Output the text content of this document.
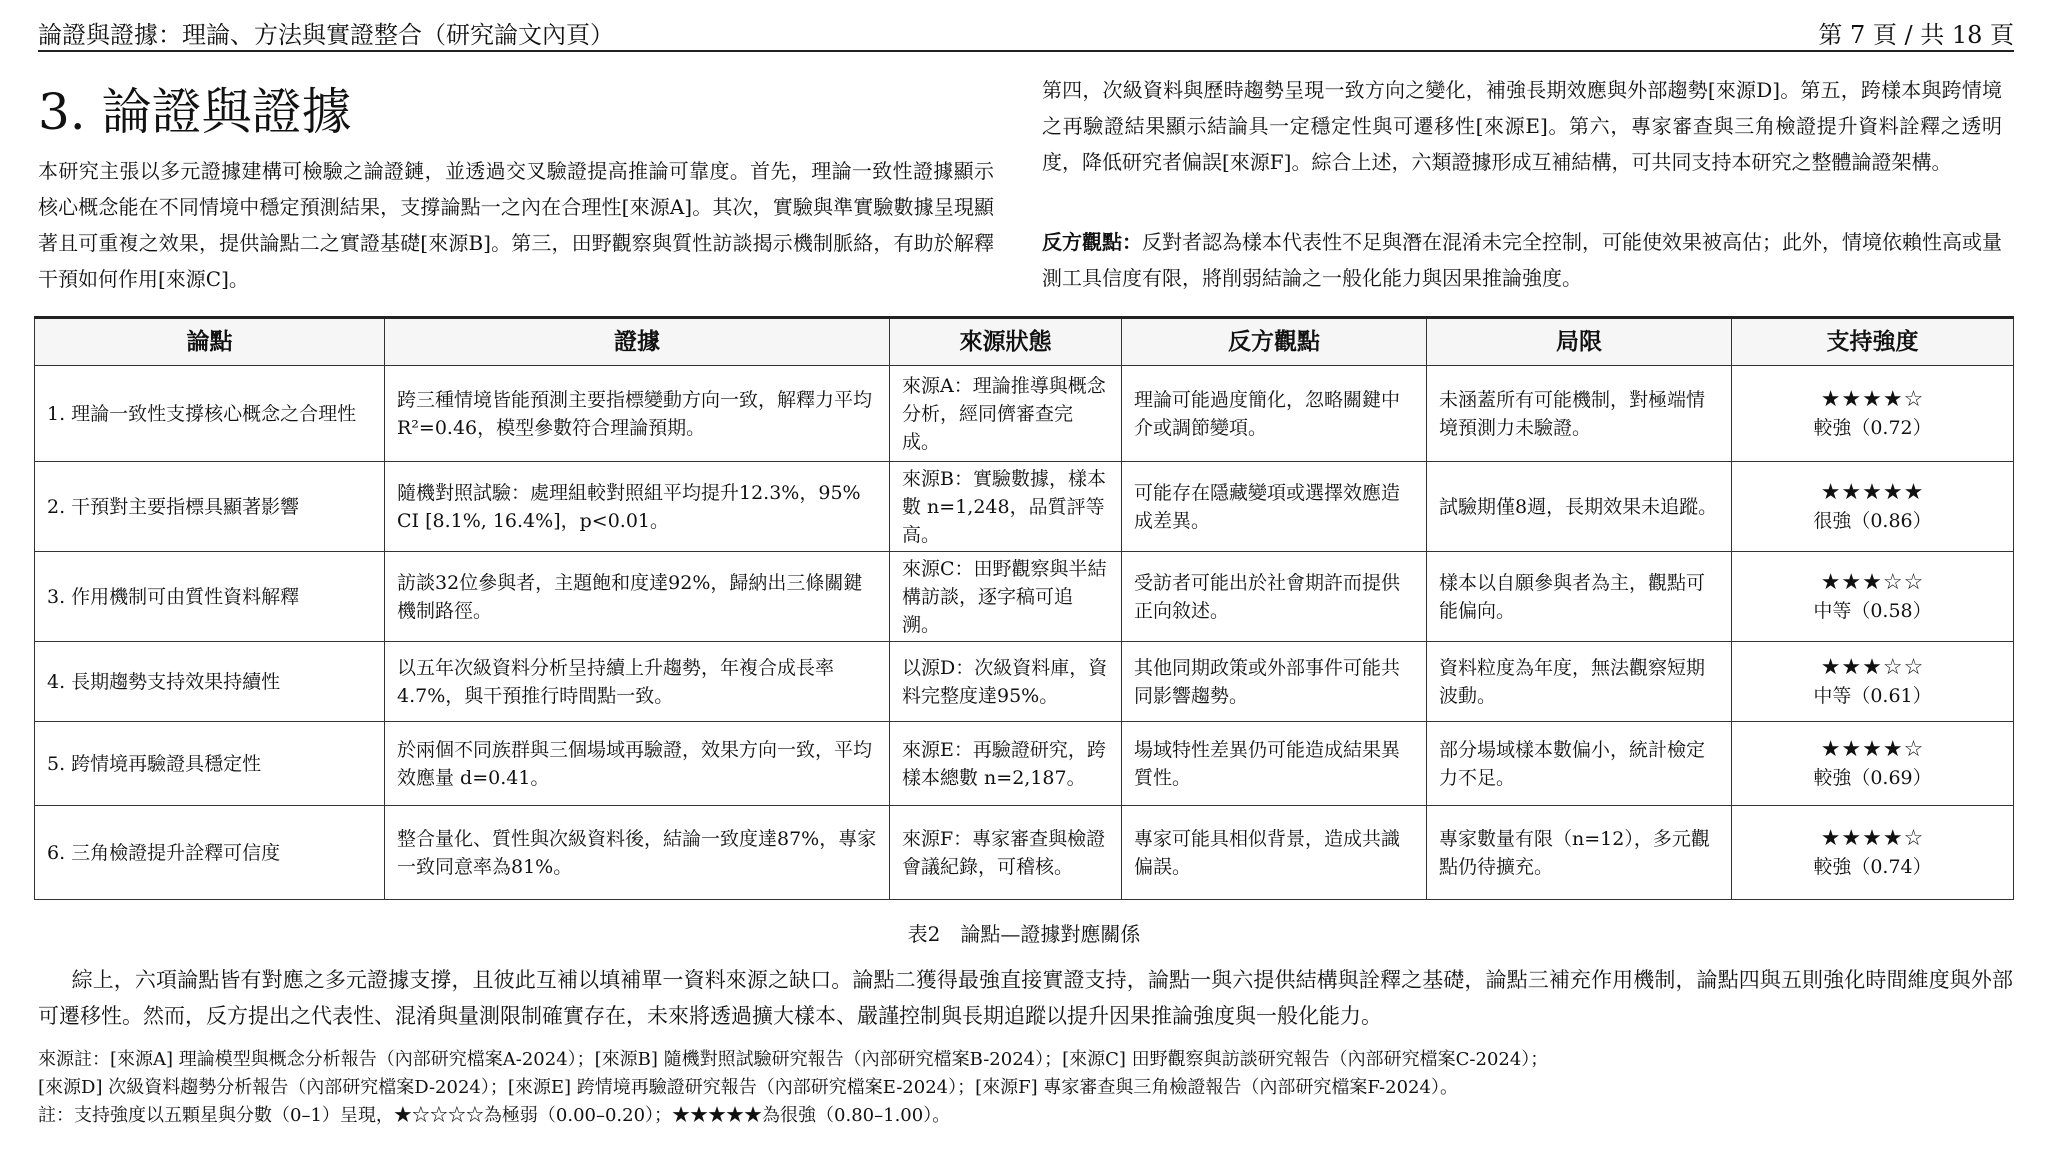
論證與證據：理論、方法與實證整合（研究論文內頁）	第 7 頁 / 共 18 頁
3. 論證與證據

本研究主張以多元證據建構可檢驗之論證鏈，並透過交叉驗證提高推論可靠度。首先，理論一致性證據顯示核心概念能在不同情境中穩定預測結果，支撐論點一之內在合理性[來源A]。其次，實驗與準實驗數據呈現顯著且可重複之效果，提供論點二之實證基礎[來源B]。第三，田野觀察與質性訪談揭示機制脈絡，有助於解釋干預如何作用[來源C]。

第四，次級資料與歷時趨勢呈現一致方向之變化，補強長期效應與外部趨勢[來源D]。第五，跨樣本與跨情境之再驗證結果顯示結論具一定穩定性與可遷移性[來源E]。第六，專家審查與三角檢證提升資料詮釋之透明度，降低研究者偏誤[來源F]。綜合上述，六類證據形成互補結構，可共同支持本研究之整體論證架構。

反方觀點：反對者認為樣本代表性不足與潛在混淆未完全控制，可能使效果被高估；此外，情境依賴性高或量測工具信度有限，將削弱結論之一般化能力與因果推論強度。

論點	證據	來源狀態	反方觀點	局限	支持強度
1. 理論一致性支撐核心概念之合理性	跨三種情境皆能預測主要指標變動方向一致，解釋力平均 R²=0.46，模型參數符合理論預期。	來源A：理論推導與概念分析，經同儕審查完成。	理論可能過度簡化，忽略關鍵中介或調節變項。	未涵蓋所有可能機制，對極端情境預測力未驗證。	★★★★☆
較強（0.72）

2. 干預對主要指標具顯著影響	隨機對照試驗：處理組較對照組平均提升12.3%，95% CI [8.1%, 16.4%]，p<0.01。	來源B：實驗數據，樣本數 n=1,248，品質評等高。	可能存在隱藏變項或選擇效應造成差異。	試驗期僅8週，長期效果未追蹤。	★★★★★
很強（0.86）

3. 作用機制可由質性資料解釋	訪談32位參與者，主題飽和度達92%，歸納出三條關鍵機制路徑。	來源C：田野觀察與半結構訪談，逐字稿可追溯。	受訪者可能出於社會期許而提供正向敘述。	樣本以自願參與者為主，觀點可能偏向。	★★★☆☆
中等（0.58）

4. 長期趨勢支持效果持續性	以五年次級資料分析呈持續上升趨勢，年複合成長率 4.7%，與干預推行時間點一致。	以源D：次級資料庫，資料完整度達95%。	其他同期政策或外部事件可能共同影響趨勢。	資料粒度為年度，無法觀察短期波動。	★★★☆☆
中等（0.61）

5. 跨情境再驗證具穩定性	於兩個不同族群與三個場域再驗證，效果方向一致，平均效應量 d=0.41。	來源E：再驗證研究，跨樣本總數 n=2,187。	場域特性差異仍可能造成結果異質性。	部分場域樣本數偏小，統計檢定力不足。	★★★★☆
較強（0.69）

6. 三角檢證提升詮釋可信度	整合量化、質性與次級資料後，結論一致度達87%，專家一致同意率為81%。	來源F：專家審查與檢證會議紀錄，可稽核。	專家可能具相似背景，造成共識偏誤。	專家數量有限（n=12），多元觀點仍待擴充。	★★★★☆
較強（0.74）
表2　論點—證據對應關係

綜上，六項論點皆有對應之多元證據支撐，且彼此互補以填補單一資料來源之缺口。論點二獲得最強直接實證支持，論點一與六提供結構與詮釋之基礎，論點三補充作用機制，論點四與五則強化時間維度與外部可遷移性。然而，反方提出之代表性、混淆與量測限制確實存在，未來將透過擴大樣本、嚴謹控制與長期追蹤以提升因果推論強度與一般化能力。

來源註：[來源A] 理論模型與概念分析報告（內部研究檔案A-2024）；[來源B] 隨機對照試驗研究報告（內部研究檔案B-2024）；[來源C] 田野觀察與訪談研究報告（內部研究檔案C-2024）；
[來源D] 次級資料趨勢分析報告（內部研究檔案D-2024）；[來源E] 跨情境再驗證研究報告（內部研究檔案E-2024）；[來源F] 專家審查與三角檢證報告（內部研究檔案F-2024）。
註：支持強度以五顆星與分數（0–1）呈現，★☆☆☆☆為極弱（0.00–0.20）；★★★★★為很強（0.80–1.00）。
